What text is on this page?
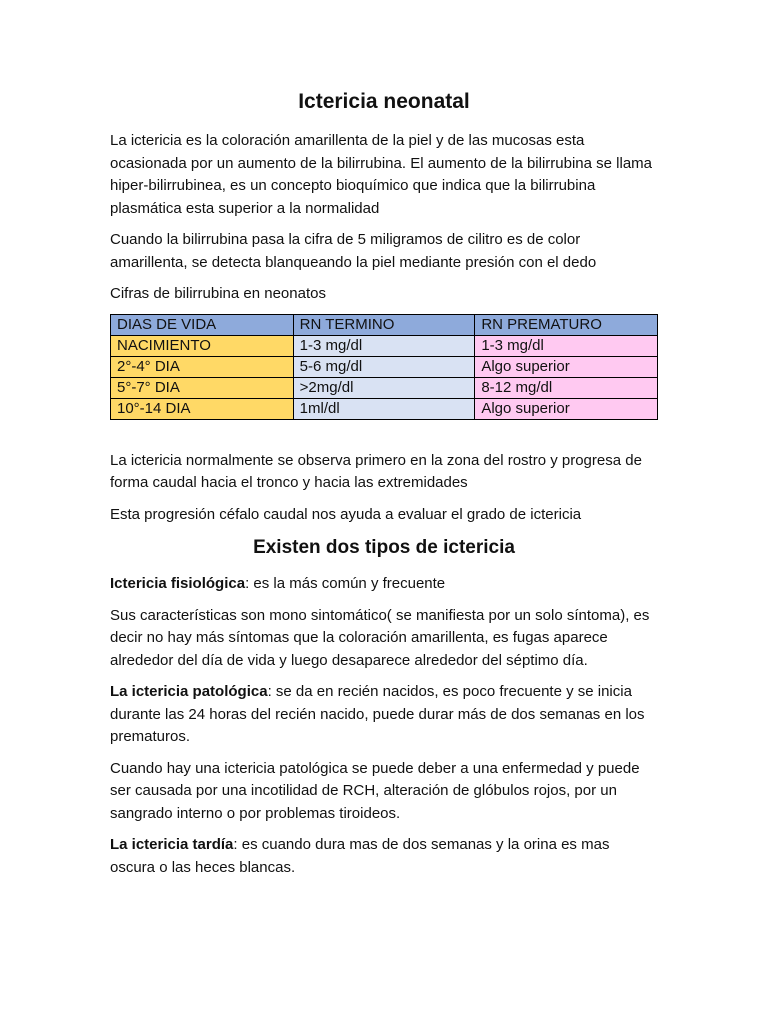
Ictericia neonatal

La ictericia es la coloración amarillenta de la piel y de las mucosas esta ocasionada por un aumento de la bilirrubina. El aumento de la bilirrubina se llama hiper-bilirrubinea, es un concepto bioquímico que indica que la bilirrubina plasmática esta superior a la normalidad

Cuando la bilirrubina pasa la cifra de 5 miligramos de cilitro es de color amarillenta, se detecta blanqueando la piel mediante presión con el dedo

Cifras de bilirrubina en neonatos

DIAS DE VIDA	RN TERMINO	RN PREMATURO
NACIMIENTO	1-3 mg/dl	1-3 mg/dl
2°-4° DIA	5-6 mg/dl	Algo superior
5°-7° DIA	>2mg/dl	8-12 mg/dl
10°-14 DIA	1ml/dl	Algo superior

La ictericia normalmente se observa primero en la zona del rostro y progresa de forma caudal hacia el tronco y hacia las extremidades

Esta progresión céfalo caudal nos ayuda a evaluar el grado de ictericia

Existen dos tipos de ictericia

Ictericia fisiológica: es la más común y frecuente

Sus características son mono sintomático( se manifiesta por un solo síntoma), es decir no hay más síntomas que la coloración amarillenta, es fugas aparece alrededor del día de vida y luego desaparece alrededor del séptimo día.

La ictericia patológica: se da en recién nacidos, es poco frecuente y se inicia durante las 24 horas del recién nacido, puede durar más de dos semanas en los prematuros.

Cuando hay una ictericia patológica se puede deber a una enfermedad y puede ser causada por una incotilidad de RCH, alteración de glóbulos rojos, por un sangrado interno o por problemas tiroideos.

La ictericia tardía: es cuando dura mas de dos semanas y la orina es mas oscura o las heces blancas.
